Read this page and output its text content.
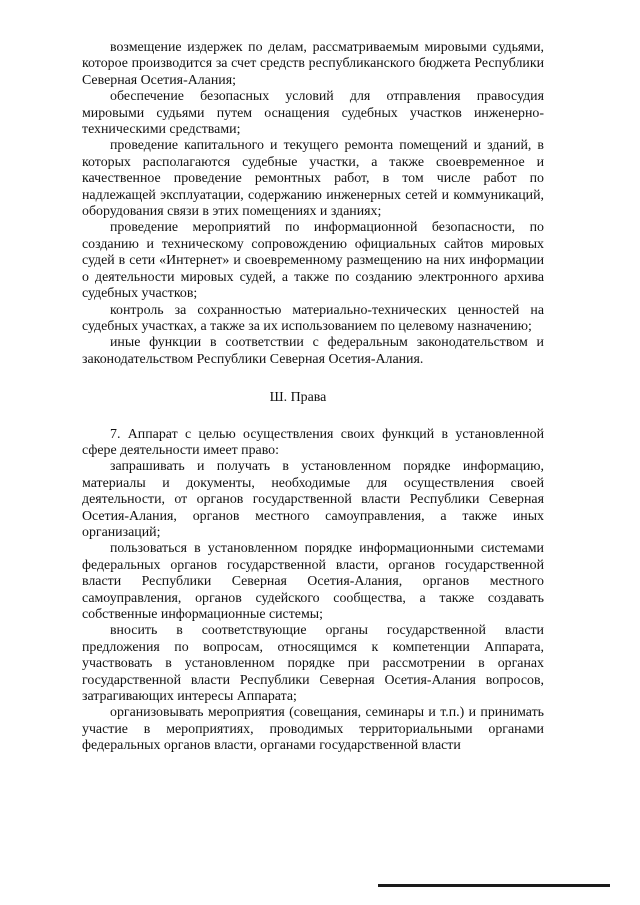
возмещение издержек по делам, рассматриваемым мировыми судьями, которое производится за счет средств республиканского бюджета Республики Северная Осетия-Алания;

обеспечение безопасных условий для отправления правосудия мировыми судьями путем оснащения судебных участков инженерно-техническими средствами;

проведение капитального и текущего ремонта помещений и зданий, в которых располагаются судебные участки, а также своевременное и качественное проведение ремонтных работ, в том числе работ по надлежащей эксплуатации, содержанию инженерных сетей и коммуникаций, оборудования связи в этих помещениях и зданиях;

проведение мероприятий по информационной безопасности, по созданию и техническому сопровождению официальных сайтов мировых судей в сети «Интернет» и своевременному размещению на них информации о деятельности мировых судей, а также по созданию электронного архива судебных участков;

контроль за сохранностью материально-технических ценностей на судебных участках, а также за их использованием по целевому назначению;

иные функции в соответствии с федеральным законодательством и законодательством Республики Северная Осетия-Алания.

Ш. Права

7. Аппарат с целью осуществления своих функций в установленной сфере деятельности имеет право:

запрашивать и получать в установленном порядке информацию, материалы и документы, необходимые для осуществления своей деятельности, от органов государственной власти Республики Северная Осетия-Алания, органов местного самоуправления, а также иных организаций;

пользоваться в установленном порядке информационными системами федеральных органов государственной власти, органов государственной власти Республики Северная Осетия-Алания, органов местного самоуправления, органов судейского сообщества, а также создавать собственные информационные системы;

вносить в соответствующие органы государственной власти предложения по вопросам, относящимся к компетенции Аппарата, участвовать в установленном порядке при рассмотрении в органах государственной власти Республики Северная Осетия-Алания вопросов, затрагивающих интересы Аппарата;

организовывать мероприятия (совещания, семинары и т.п.) и принимать участие в мероприятиях, проводимых территориальными органами федеральных органов власти, органами государственной власти
